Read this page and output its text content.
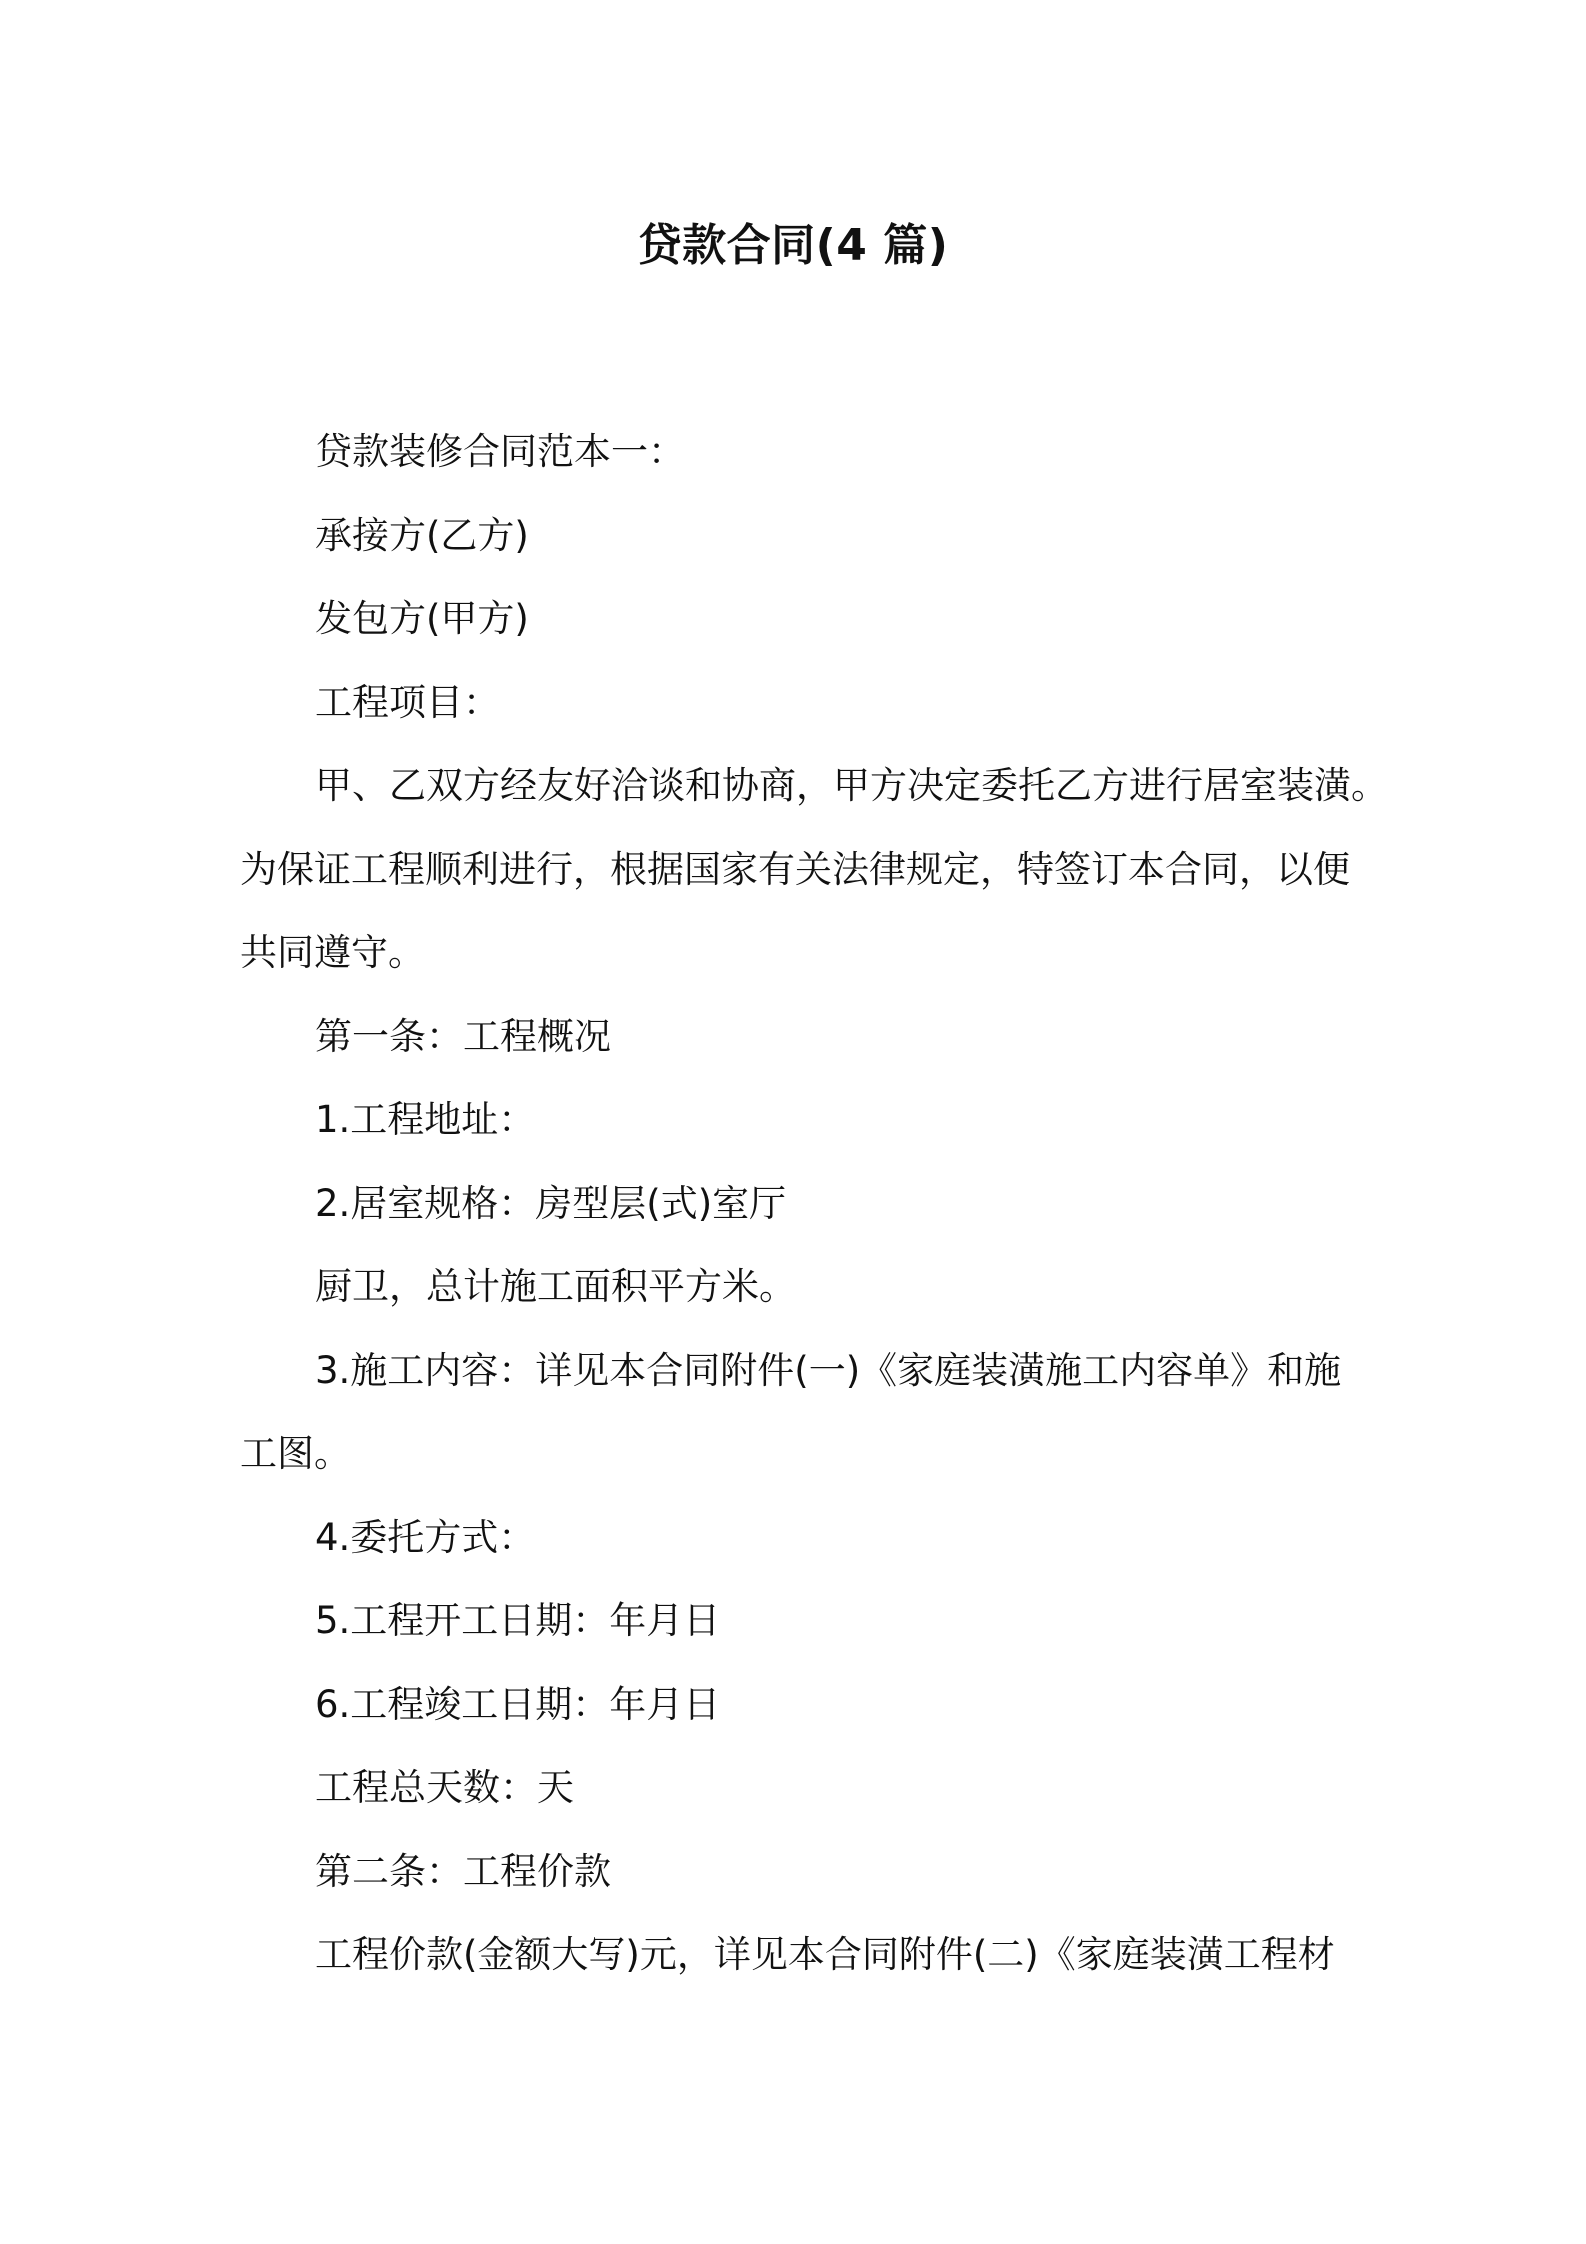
贷款合同(4 篇)
贷款装修合同范本一：
承接方(乙方)
发包方(甲方)
工程项目：
甲、乙双方经友好洽谈和协商，甲方决定委托乙方进行居室装潢。
为保证工程顺利进行，根据国家有关法律规定，特签订本合同，以便
共同遵守。
第一条：工程概况
1.工程地址：
2.居室规格：房型层(式)室厅
厨卫，总计施工面积平方米。
3.施工内容：详见本合同附件(一)《家庭装潢施工内容单》和施
工图。
4.委托方式：
5.工程开工日期：年月日
6.工程竣工日期：年月日
工程总天数：天
第二条：工程价款
工程价款(金额大写)元，详见本合同附件(二)《家庭装潢工程材
